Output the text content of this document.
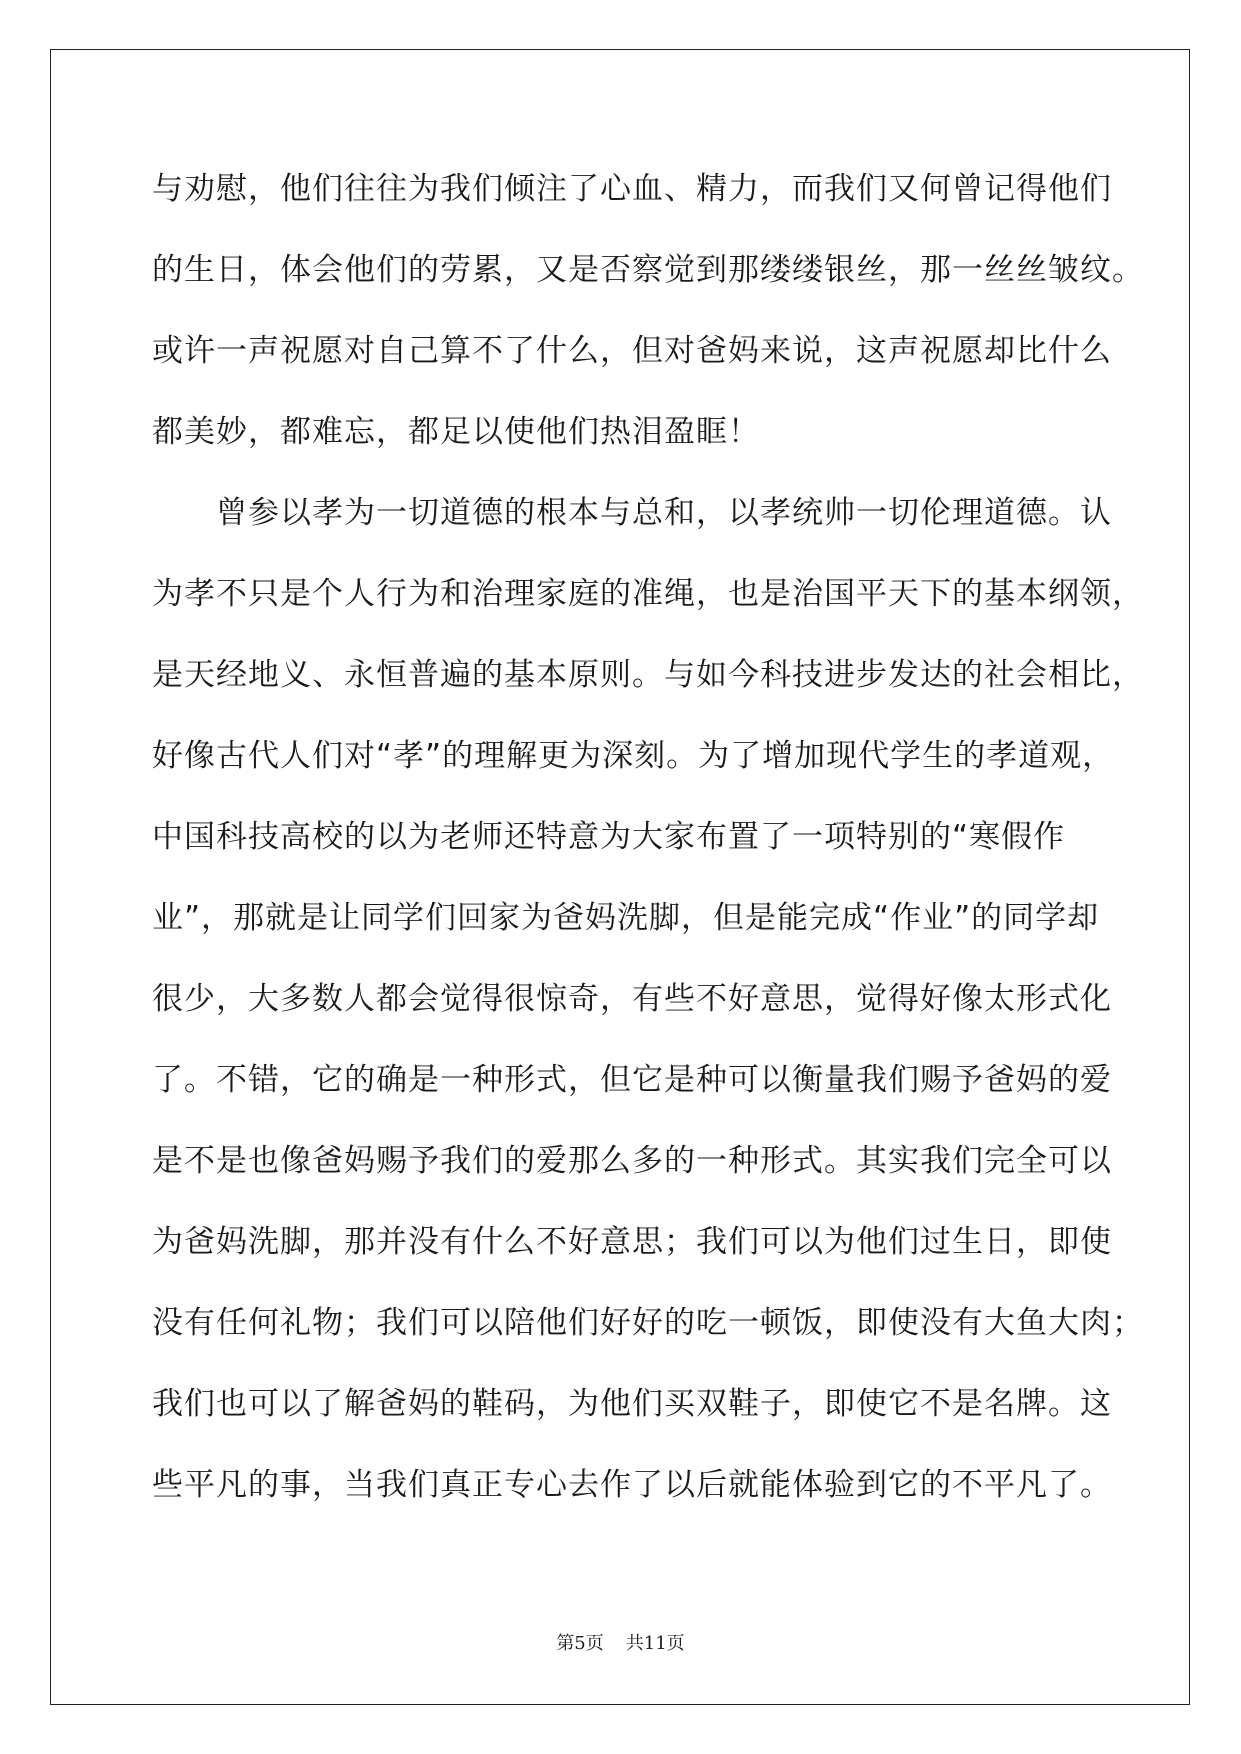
与劝慰，他们往往为我们倾注了心血、精力，而我们又何曾记得他们
的生日，体会他们的劳累，又是否察觉到那缕缕银丝，那一丝丝皱纹。
或许一声祝愿对自己算不了什么，但对爸妈来说，这声祝愿却比什么
都美妙，都难忘，都足以使他们热泪盈眶！
曾参以孝为一切道德的根本与总和，以孝统帅一切伦理道德。认
为孝不只是个人行为和治理家庭的准绳，也是治国平天下的基本纲领，
是天经地义、永恒普遍的基本原则。与如今科技进步发达的社会相比，
好像古代人们对“孝”的理解更为深刻。为了增加现代学生的孝道观，
中国科技高校的以为老师还特意为大家布置了一项特别的“寒假作
业”，那就是让同学们回家为爸妈洗脚，但是能完成“作业”的同学却
很少，大多数人都会觉得很惊奇，有些不好意思，觉得好像太形式化
了。不错，它的确是一种形式，但它是种可以衡量我们赐予爸妈的爱
是不是也像爸妈赐予我们的爱那么多的一种形式。其实我们完全可以
为爸妈洗脚，那并没有什么不好意思；我们可以为他们过生日，即使
没有任何礼物；我们可以陪他们好好的吃一顿饭，即使没有大鱼大肉；
我们也可以了解爸妈的鞋码，为他们买双鞋子，即使它不是名牌。这
些平凡的事，当我们真正专心去作了以后就能体验到它的不平凡了。
第5页 共11页
